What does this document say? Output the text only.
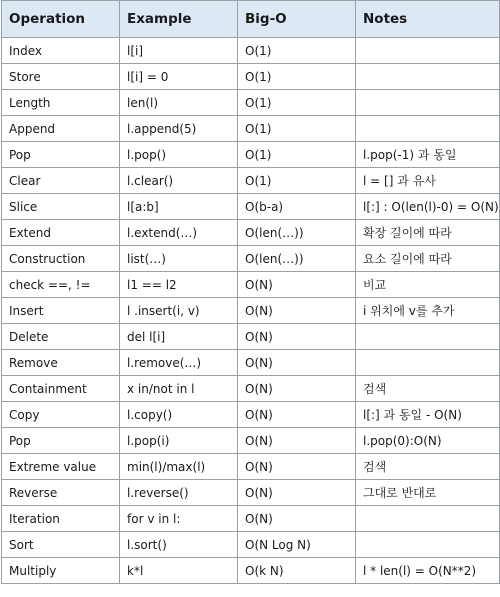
Operation	Example	Big-O	Notes
Index	l[i]	O(1)	
Store	l[i] = 0	O(1)	
Length	len(l)	O(1)	
Append	l.append(5)	O(1)	
Pop	l.pop()	O(1)	l.pop(-1) 과 동일
Clear	l.clear()	O(1)	l = [] 과 유사
Slice	l[a:b]	O(b-a)	l[:] : O(len(l)-0) = O(N)
Extend	l.extend(…)	O(len(…))	확장 길이에 따라
Construction	list(…)	O(len(…))	요소 길이에 따라
check ==, !=	l1 == l2	O(N)	비교
Insert	l .insert(i, v)	O(N)	i 위치에 v를 추가
Delete	del l[i]	O(N)	
Remove	l.remove(…)	O(N)	
Containment	x in/not in l	O(N)	검색
Copy	l.copy()	O(N)	l[:] 과 동일 - O(N)
Pop	l.pop(i)	O(N)	l.pop(0):O(N)
Extreme value	min(l)/max(l)	O(N)	검색
Reverse	l.reverse()	O(N)	그대로 반대로
Iteration	for v in l:	O(N)	
Sort	l.sort()	O(N Log N)	
Multiply	k*l	O(k N)	l * len(l) = O(N**2)
